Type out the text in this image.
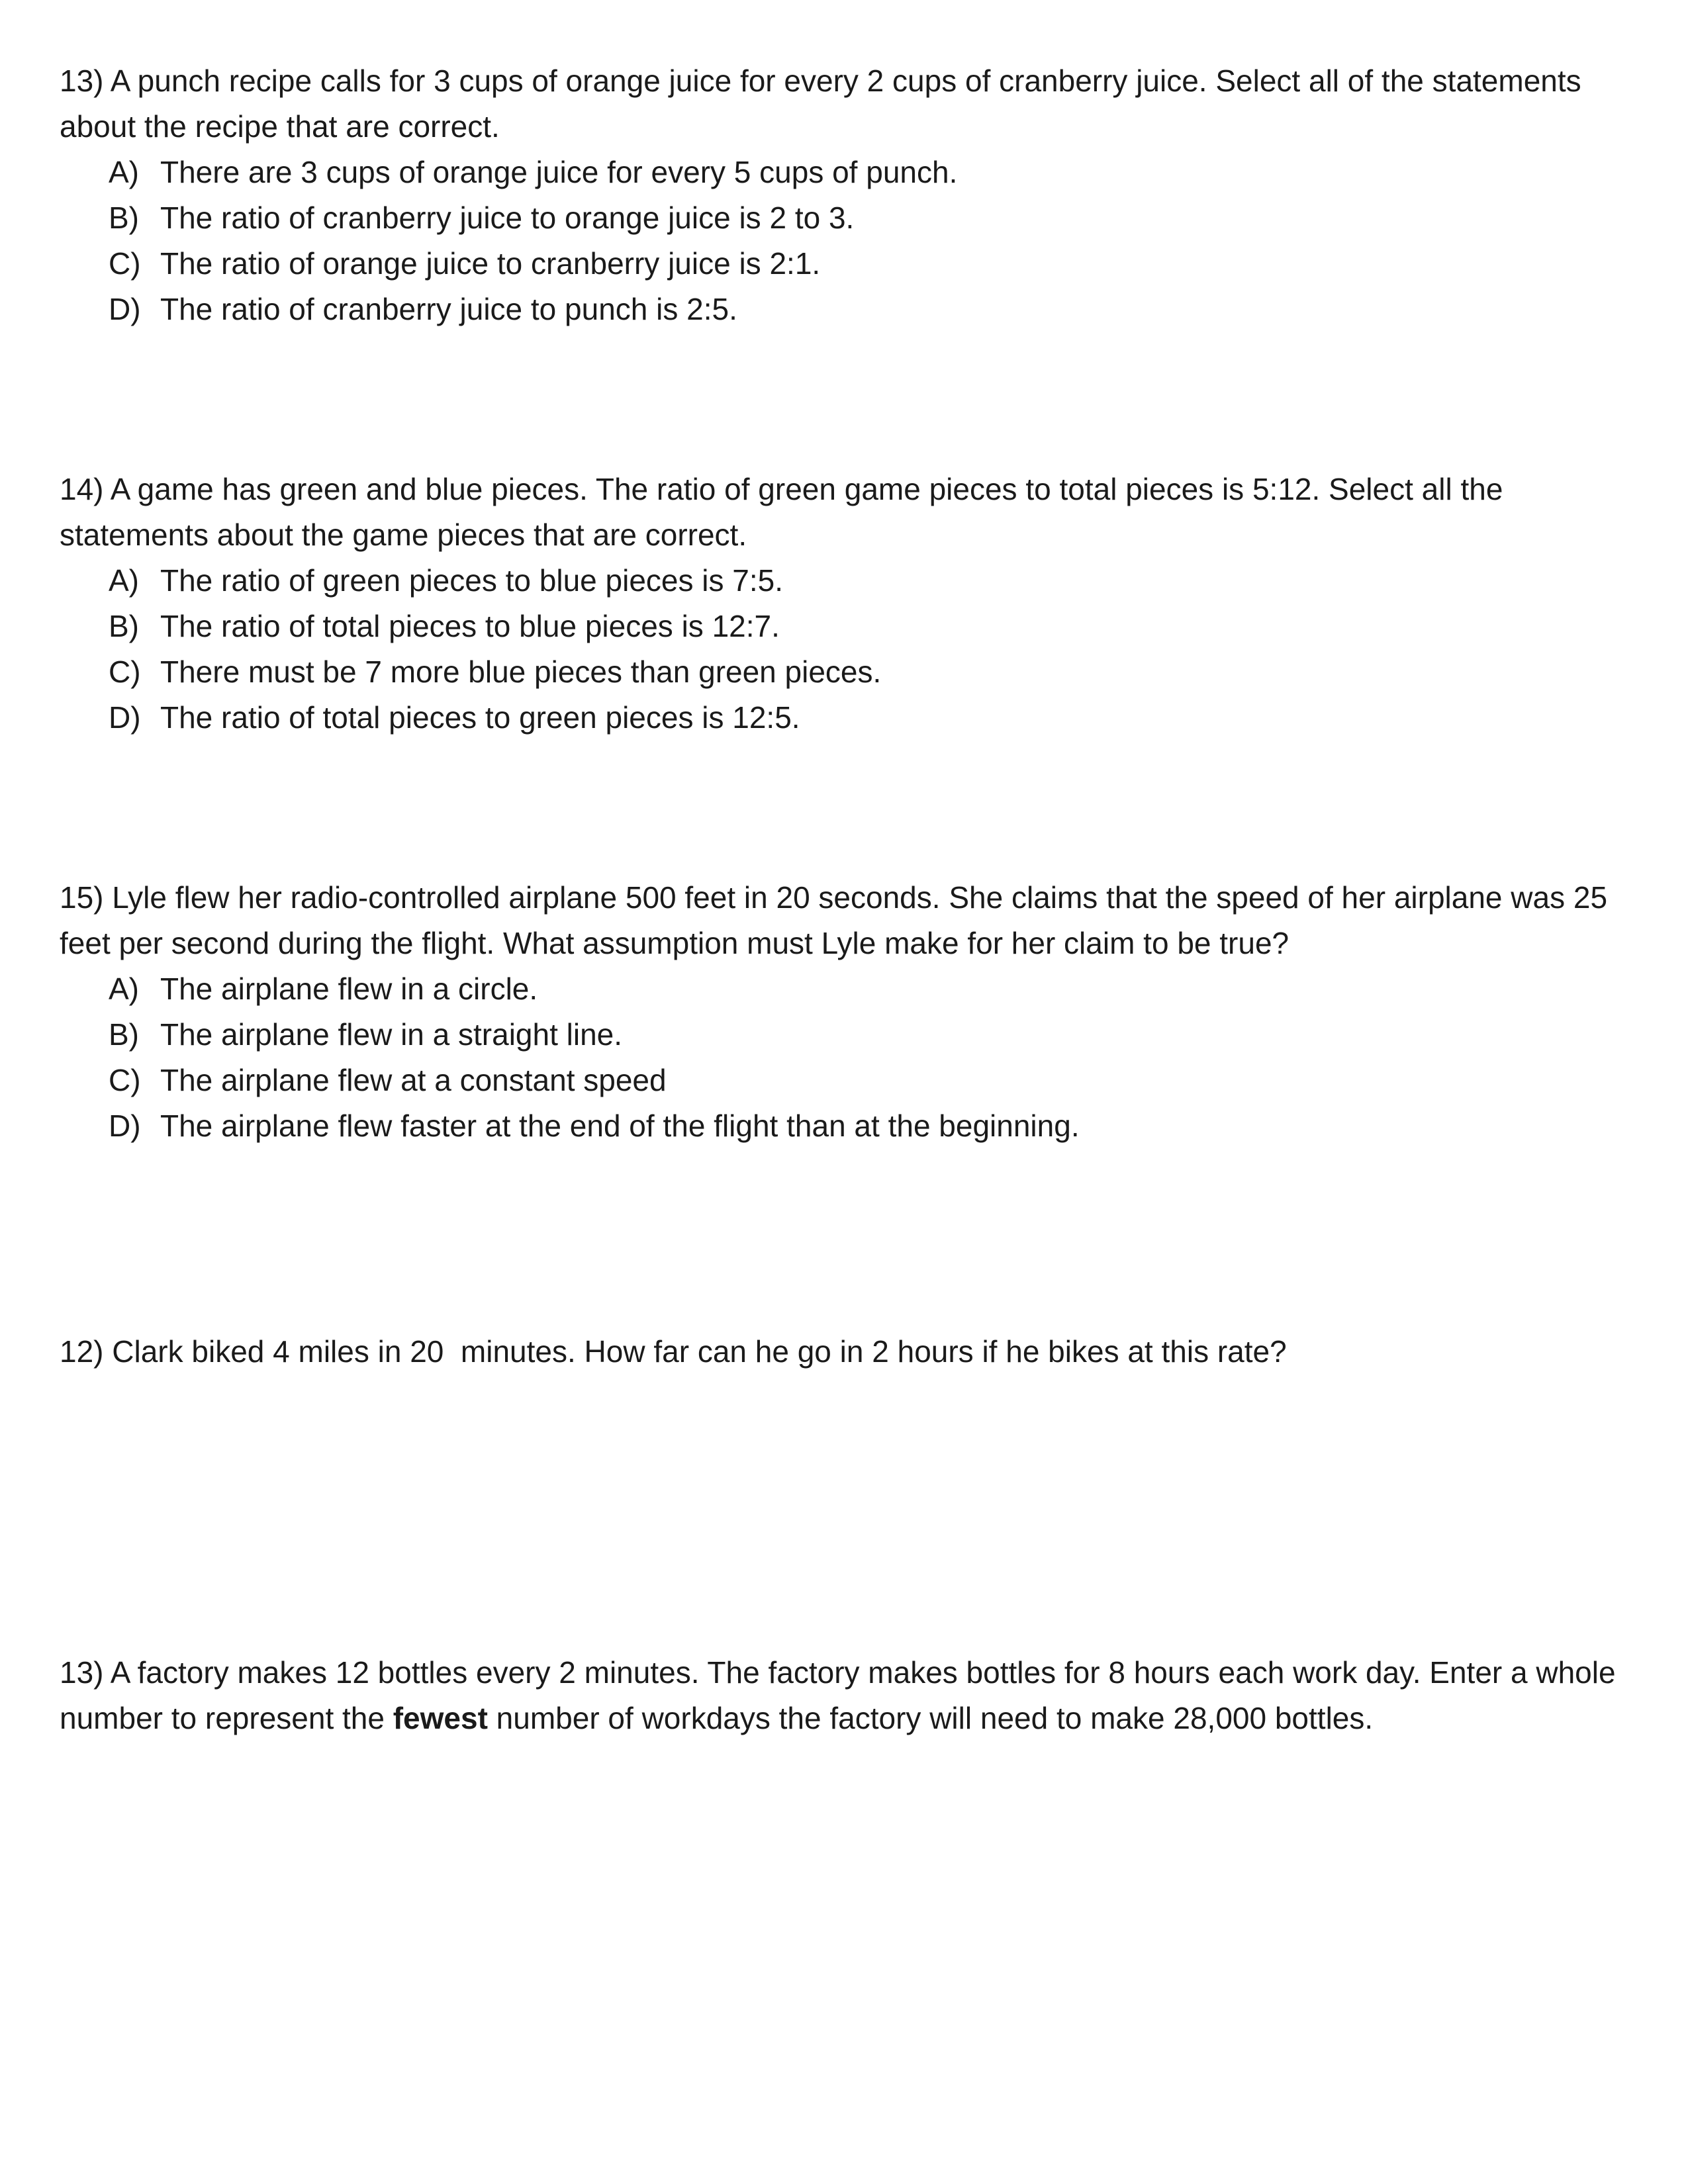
13) A punch recipe calls for 3 cups of orange juice for every 2 cups of cranberry juice. Select all of the statements about the recipe that are correct.

A) There are 3 cups of orange juice for every 5 cups of punch.
B) The ratio of cranberry juice to orange juice is 2 to 3.
C) The ratio of orange juice to cranberry juice is 2:1.
D) The ratio of cranberry juice to punch is 2:5.

14) A game has green and blue pieces. The ratio of green game pieces to total pieces is 5:12. Select all the statements about the game pieces that are correct.

A) The ratio of green pieces to blue pieces is 7:5.
B) The ratio of total pieces to blue pieces is 12:7.
C) There must be 7 more blue pieces than green pieces.
D) The ratio of total pieces to green pieces is 12:5.

15) Lyle flew her radio-controlled airplane 500 feet in 20 seconds. She claims that the speed of her airplane was 25 feet per second during the flight. What assumption must Lyle make for her claim to be true?

A) The airplane flew in a circle.
B) The airplane flew in a straight line.
C) The airplane flew at a constant speed
D) The airplane flew faster at the end of the flight than at the beginning.

12) Clark biked 4 miles in 20  minutes. How far can he go in 2 hours if he bikes at this rate?

13) A factory makes 12 bottles every 2 minutes. The factory makes bottles for 8 hours each work day. Enter a whole number to represent the fewest number of workdays the factory will need to make 28,000 bottles.
